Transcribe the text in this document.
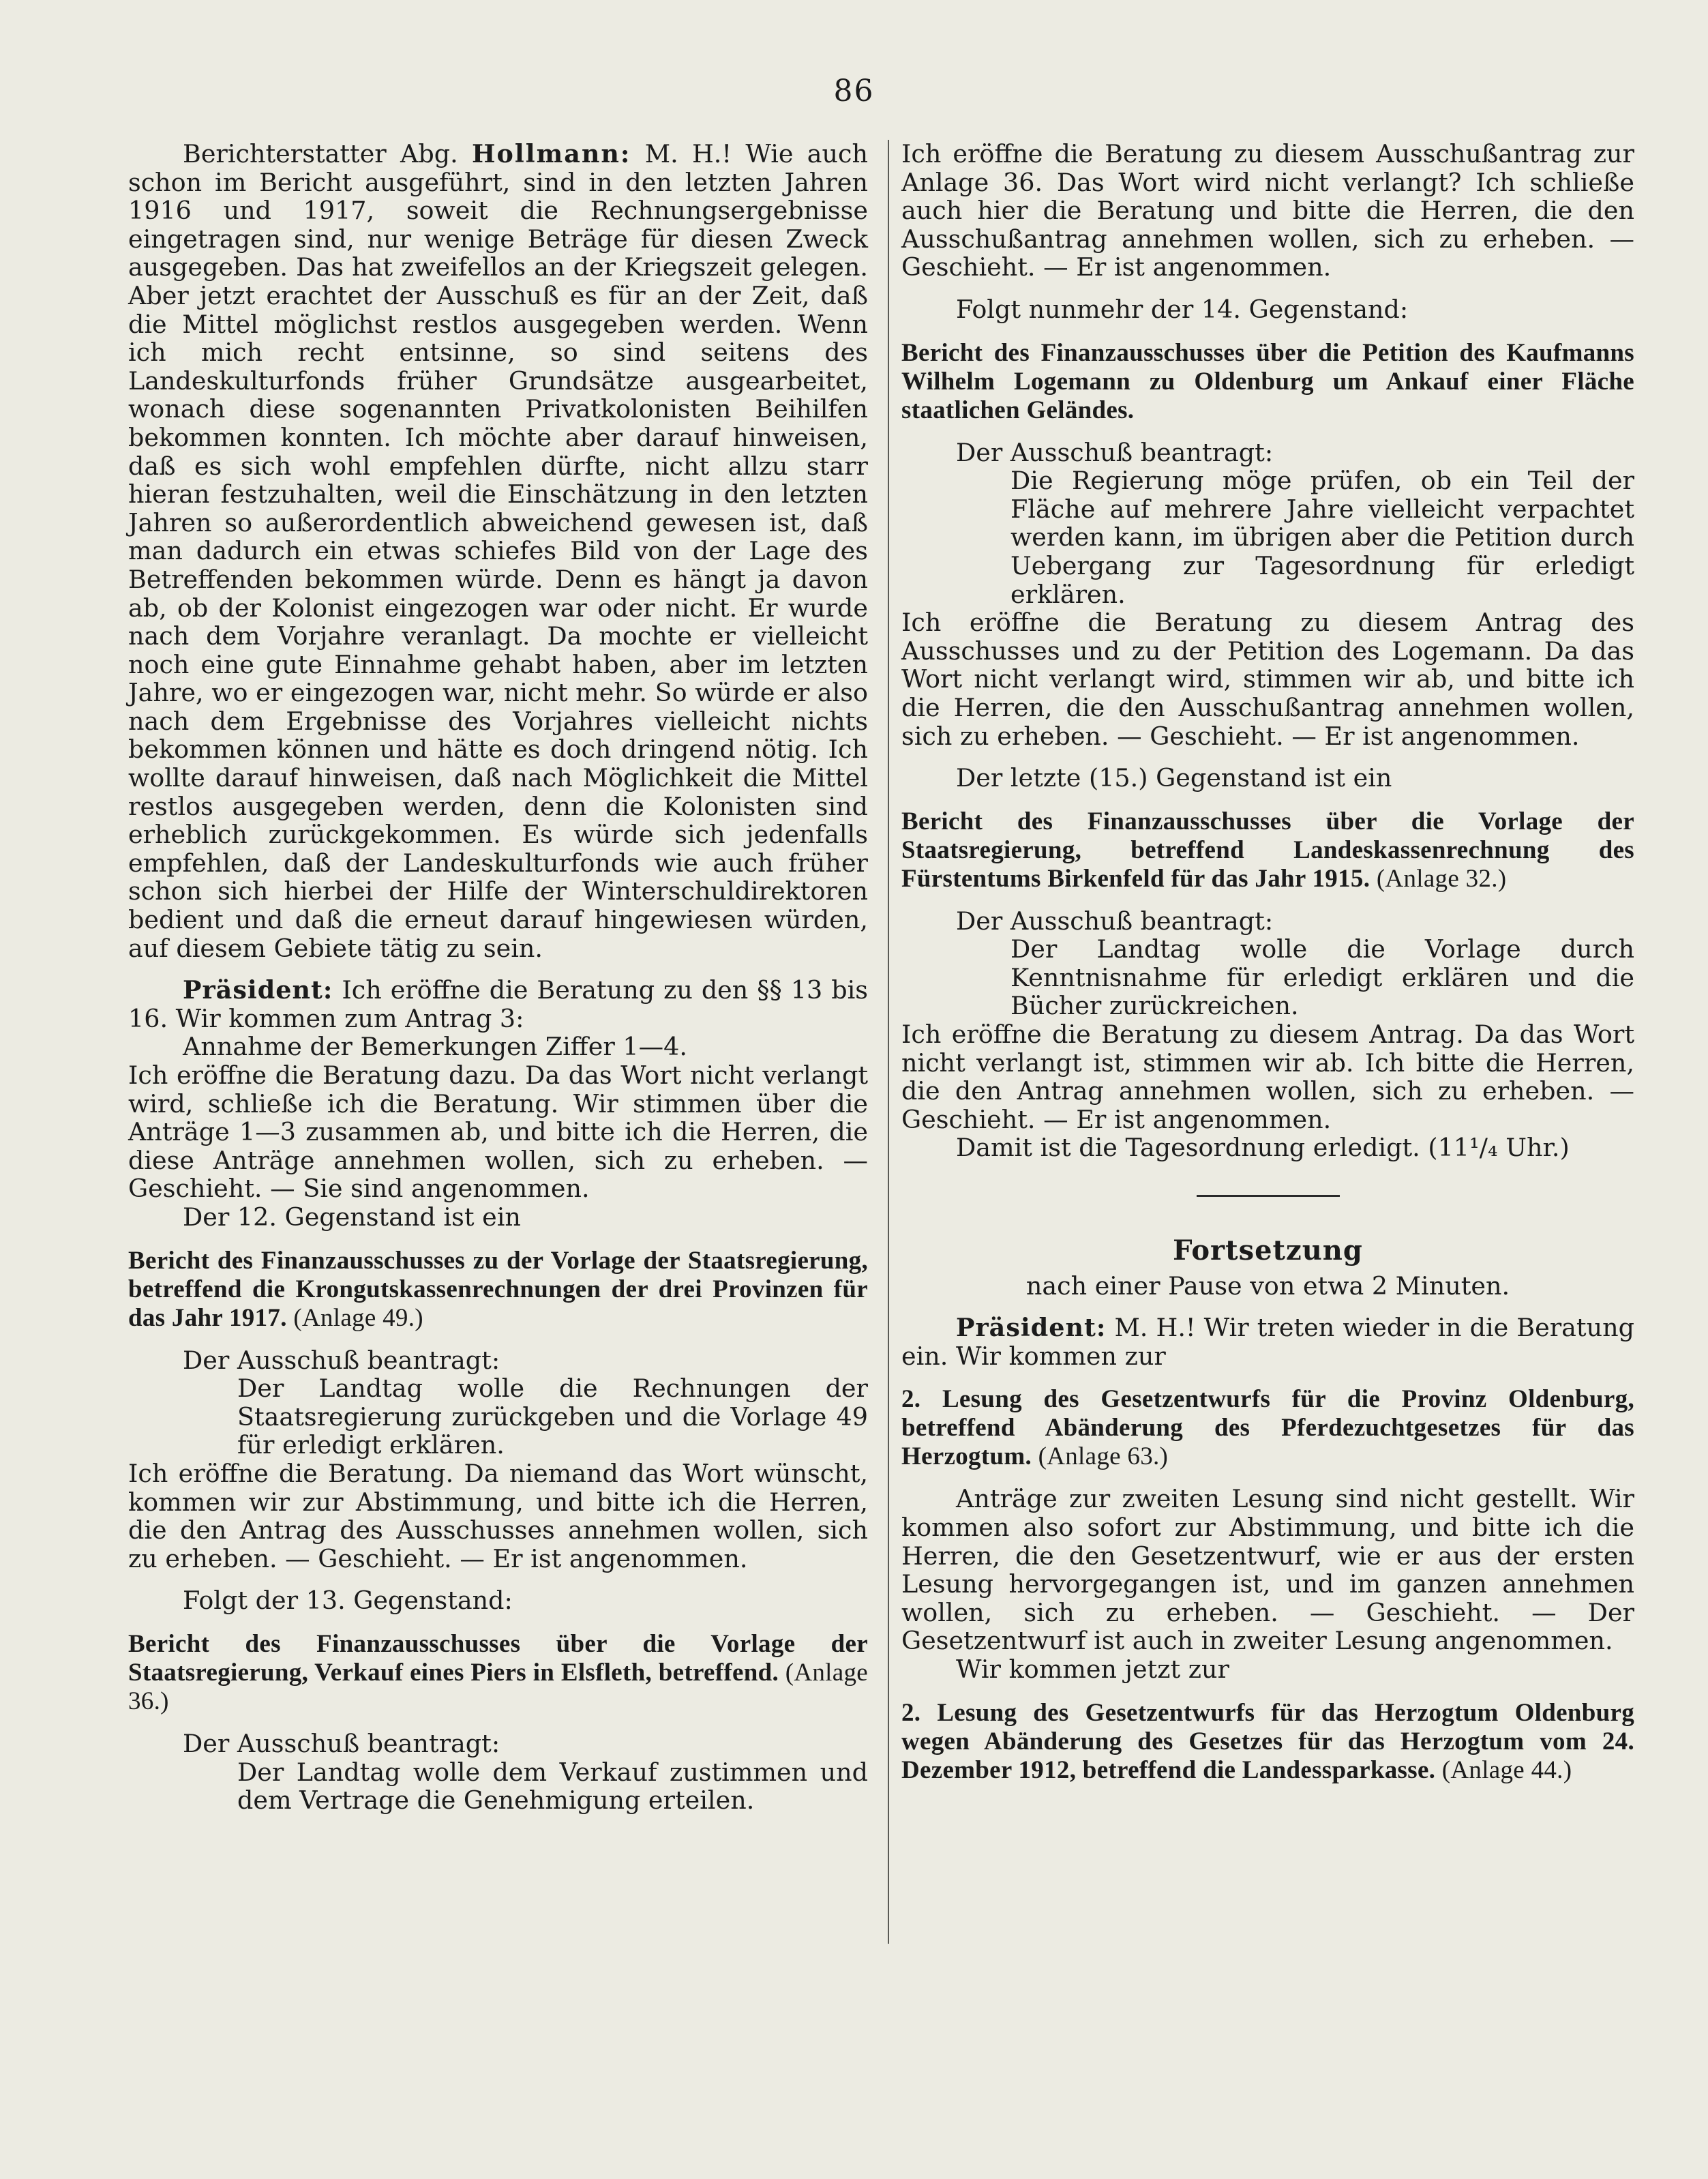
86

Berichterstatter Abg. Hollmann: M. H.! Wie auch schon im Bericht ausgeführt, sind in den letzten Jahren 1916 und 1917, soweit die Rechnungsergebnisse eingetragen sind, nur wenige Beträge für diesen Zweck ausgegeben. Das hat zweifellos an der Kriegszeit gelegen. Aber jetzt erachtet der Ausschuß es für an der Zeit, daß die Mittel möglichst restlos ausgegeben werden. Wenn ich mich recht entsinne, so sind seitens des Landeskulturfonds früher Grundsätze ausgearbeitet, wonach diese sogenannten Privatkolonisten Beihilfen bekommen konnten. Ich möchte aber darauf hinweisen, daß es sich wohl empfehlen dürfte, nicht allzu starr hieran festzuhalten, weil die Einschätzung in den letzten Jahren so außerordentlich abweichend gewesen ist, daß man dadurch ein etwas schiefes Bild von der Lage des Betreffenden bekommen würde. Denn es hängt ja davon ab, ob der Kolonist eingezogen war oder nicht. Er wurde nach dem Vorjahre veranlagt. Da mochte er vielleicht noch eine gute Einnahme gehabt haben, aber im letzten Jahre, wo er eingezogen war, nicht mehr. So würde er also nach dem Ergebnisse des Vorjahres vielleicht nichts bekommen können und hätte es doch dringend nötig. Ich wollte darauf hinweisen, daß nach Möglichkeit die Mittel restlos ausgegeben werden, denn die Kolonisten sind erheblich zurückgekommen. Es würde sich jedenfalls empfehlen, daß der Landeskulturfonds wie auch früher schon sich hierbei der Hilfe der Winterschuldirektoren bedient und daß die erneut darauf hingewiesen würden, auf diesem Gebiete tätig zu sein.

Präsident: Ich eröffne die Beratung zu den §§ 13 bis 16. Wir kommen zum Antrag 3:

Annahme der Bemerkungen Ziffer 1—4.

Ich eröffne die Beratung dazu. Da das Wort nicht verlangt wird, schließe ich die Beratung. Wir stimmen über die Anträge 1—3 zusammen ab, und bitte ich die Herren, die diese Anträge annehmen wollen, sich zu erheben. — Geschieht. — Sie sind angenommen.

Der 12. Gegenstand ist ein

Bericht des Finanzausschusses zu der Vorlage der Staatsregierung, betreffend die Krongutskassenrechnungen der drei Provinzen für das Jahr 1917. (Anlage 49.)

Der Ausschuß beantragt:

Der Landtag wolle die Rechnungen der Staatsregierung zurückgeben und die Vorlage 49 für erledigt erklären.

Ich eröffne die Beratung. Da niemand das Wort wünscht, kommen wir zur Abstimmung, und bitte ich die Herren, die den Antrag des Ausschusses annehmen wollen, sich zu erheben. — Geschieht. — Er ist angenommen.

Folgt der 13. Gegenstand:

Bericht des Finanzausschusses über die Vorlage der Staatsregierung, Verkauf eines Piers in Elsfleth, betreffend. (Anlage 36.)

Der Ausschuß beantragt:

Der Landtag wolle dem Verkauf zustimmen und dem Vertrage die Genehmigung erteilen.

Ich eröffne die Beratung zu diesem Ausschußantrag zur Anlage 36. Das Wort wird nicht verlangt? Ich schließe auch hier die Beratung und bitte die Herren, die den Ausschußantrag annehmen wollen, sich zu erheben. — Geschieht. — Er ist angenommen.

Folgt nunmehr der 14. Gegenstand:

Bericht des Finanzausschusses über die Petition des Kaufmanns Wilhelm Logemann zu Oldenburg um Ankauf einer Fläche staatlichen Geländes.

Der Ausschuß beantragt:

Die Regierung möge prüfen, ob ein Teil der Fläche auf mehrere Jahre vielleicht verpachtet werden kann, im übrigen aber die Petition durch Uebergang zur Tagesordnung für erledigt erklären.

Ich eröffne die Beratung zu diesem Antrag des Ausschusses und zu der Petition des Logemann. Da das Wort nicht verlangt wird, stimmen wir ab, und bitte ich die Herren, die den Ausschußantrag annehmen wollen, sich zu erheben. — Geschieht. — Er ist angenommen.

Der letzte (15.) Gegenstand ist ein

Bericht des Finanzausschusses über die Vorlage der Staatsregierung, betreffend Landeskassenrechnung des Fürstentums Birkenfeld für das Jahr 1915. (Anlage 32.)

Der Ausschuß beantragt:

Der Landtag wolle die Vorlage durch Kenntnisnahme für erledigt erklären und die Bücher zurückreichen.

Ich eröffne die Beratung zu diesem Antrag. Da das Wort nicht verlangt ist, stimmen wir ab. Ich bitte die Herren, die den Antrag annehmen wollen, sich zu erheben. — Geschieht. — Er ist angenommen.

Damit ist die Tagesordnung erledigt. (11¹/₄ Uhr.)

Fortsetzung

nach einer Pause von etwa 2 Minuten.

Präsident: M. H.! Wir treten wieder in die Beratung ein. Wir kommen zur

2. Lesung des Gesetzentwurfs für die Provinz Oldenburg, betreffend Abänderung des Pferdezuchtgesetzes für das Herzogtum. (Anlage 63.)

Anträge zur zweiten Lesung sind nicht gestellt. Wir kommen also sofort zur Abstimmung, und bitte ich die Herren, die den Gesetzentwurf, wie er aus der ersten Lesung hervorgegangen ist, und im ganzen annehmen wollen, sich zu erheben. — Geschieht. — Der Gesetzentwurf ist auch in zweiter Lesung angenommen.

Wir kommen jetzt zur

2. Lesung des Gesetzentwurfs für das Herzogtum Oldenburg wegen Abänderung des Gesetzes für das Herzogtum vom 24. Dezember 1912, betreffend die Landessparkasse. (Anlage 44.)
